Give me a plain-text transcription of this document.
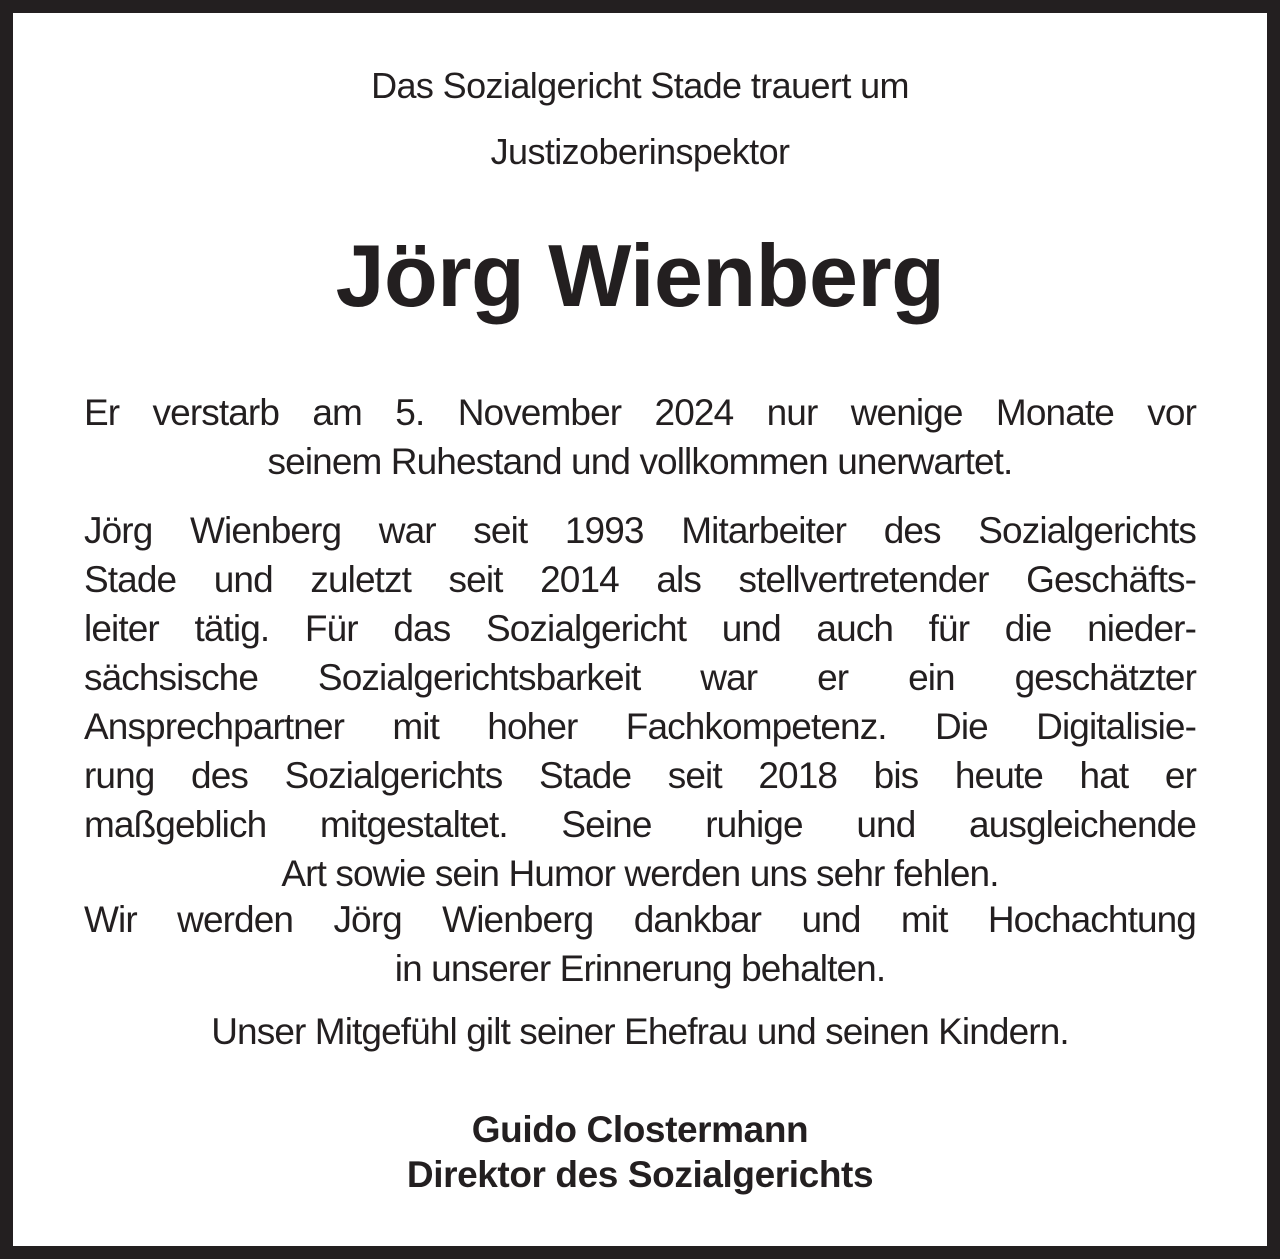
Das Sozialgericht Stade trauert um
Justizoberinspektor
Jörg Wienberg
Er verstarb am 5. November 2024 nur wenige Monate vor
seinem Ruhestand und vollkommen unerwartet.
Jörg Wienberg war seit 1993 Mitarbeiter des Sozialgerichts
Stade und zuletzt seit 2014 als stellvertretender Geschäfts-
leiter tätig. Für das Sozialgericht und auch für die nieder-
sächsische Sozialgerichtsbarkeit war er ein geschätzter
Ansprechpartner mit hoher Fachkompetenz. Die Digitalisie-
rung des Sozialgerichts Stade seit 2018 bis heute hat er
maßgeblich mitgestaltet. Seine ruhige und ausgleichende
Art sowie sein Humor werden uns sehr fehlen.
Wir werden Jörg Wienberg dankbar und mit Hochachtung
in unserer Erinnerung behalten.
Unser Mitgefühl gilt seiner Ehefrau und seinen Kindern.
Guido Clostermann
Direktor des Sozialgerichts
